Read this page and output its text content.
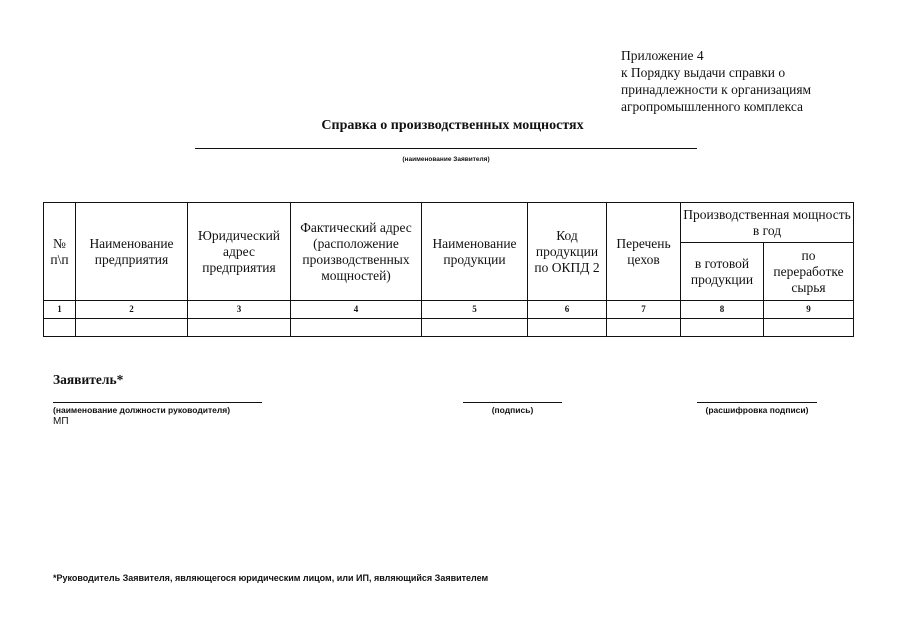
Приложение 4
к Порядку выдачи справки о
принадлежности к организациям
агропромышленного комплекса
Справка о производственных мощностях
(наименование Заявителя)
№ п\п	Наименование предприятия	Юридический адрес предприятия	Фактический адрес (расположение производственных мощностей)	Наименование продукции	Код продукции по ОКПД 2	Перечень цехов	Производственная мощность в год	
							в готовой продукции	по переработке сырья
1	2	3	4	5	6	7	8	9

Заявитель*
(наименование должности руководителя)	(подпись)	(расшифровка подписи)
МП
*Руководитель Заявителя, являющегося юридическим лицом, или ИП, являющийся Заявителем
